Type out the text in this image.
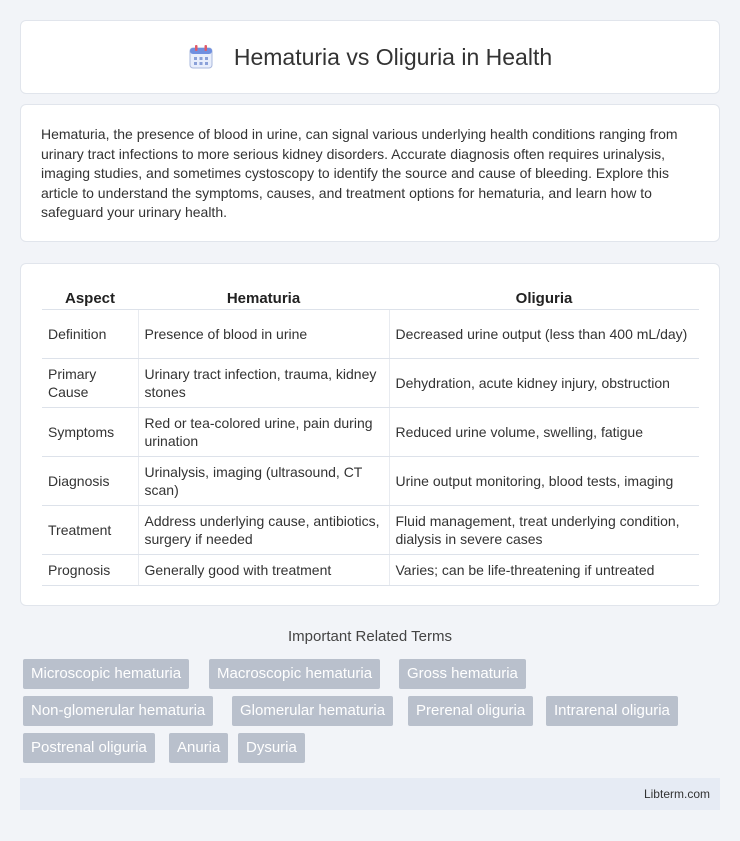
Hematuria vs Oliguria in Health

Hematuria, the presence of blood in urine, can signal various underlying health conditions ranging from urinary tract infections to more serious kidney disorders. Accurate diagnosis often requires urinalysis, imaging studies, and sometimes cystoscopy to identify the source and cause of bleeding. Explore this article to understand the symptoms, causes, and treatment options for hematuria, and learn how to safeguard your urinary health.

Aspect	Hematuria	Oliguria
Definition	Presence of blood in urine	Decreased urine output (less than 400 mL/day)
Primary Cause	Urinary tract infection, trauma, kidney stones	Dehydration, acute kidney injury, obstruction
Symptoms	Red or tea-colored urine, pain during urination	Reduced urine volume, swelling, fatigue
Diagnosis	Urinalysis, imaging (ultrasound, CT scan)	Urine output monitoring, blood tests, imaging
Treatment	Address underlying cause, antibiotics, surgery if needed	Fluid management, treat underlying condition, dialysis in severe cases
Prognosis	Generally good with treatment	Varies; can be life-threatening if untreated
Important Related Terms
Microscopic hematuria	Macroscopic hematuria	Gross hematuria
Non-glomerular hematuria	Glomerular hematuria	Prerenal oliguria	Intrarenal oliguria
Postrenal oliguria	Anuria	Dysuria
Libterm.com
